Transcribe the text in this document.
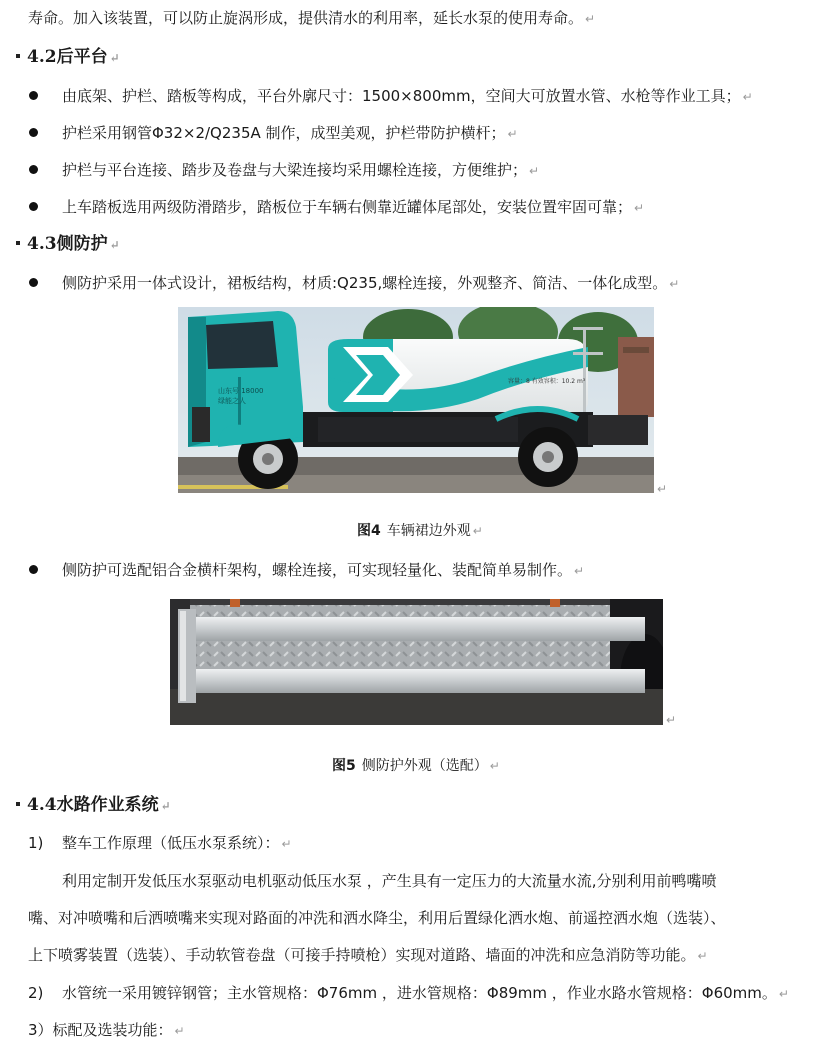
寿命。加入该装置，可以防止旋涡形成，提供清水的利用率，延长水泵的使用寿命。 ↵
4.2后平台 ↵
由底架、护栏、踏板等构成，平台外廓尺寸：1500×800mm，空间大可放置水管、水枪等作业工具； ↵
护栏采用钢管Φ32×2/Q235A 制作，成型美观，护栏带防护横杆； ↵
护栏与平台连接、踏步及卷盘与大梁连接均采用螺栓连接，方便维护； ↵
上车踏板选用两级防滑踏步，踏板位于车辆右侧靠近罐体尾部处，安装位置牢固可靠； ↵
4.3侧防护 ↵
侧防护采用一体式设计，裙板结构，材质:Q235,螺栓连接，外观整齐、简洁、一体化成型。 ↵
山东号 18000
绿能之人
容量：8 有效容积：10.2 m³
↵
图4 车辆裙边外观 ↵
侧防护可选配铝合金横杆架构，螺栓连接，可实现轻量化、装配简单易制作。 ↵
↵
图5 侧防护外观（选配） ↵
4.4水路作业系统 ↵
1) 整车工作原理（低压水泵系统）： ↵
利用定制开发低压水泵驱动电机驱动低压水泵 ，产生具有一定压力的大流量水流,分别利用前鸭嘴喷
嘴、对冲喷嘴和后洒喷嘴来实现对路面的冲洗和洒水降尘，利用后置绿化洒水炮、前遥控洒水炮（选装）、
上下喷雾装置（选装）、手动软管卷盘（可接手持喷枪）实现对道路、墙面的冲洗和应急消防等功能。 ↵
2) 水管统一采用镀锌钢管；主水管规格：Φ76mm ，进水管规格：Φ89mm ，作业水路水管规格：Φ60mm。 ↵
3）标配及选装功能： ↵
